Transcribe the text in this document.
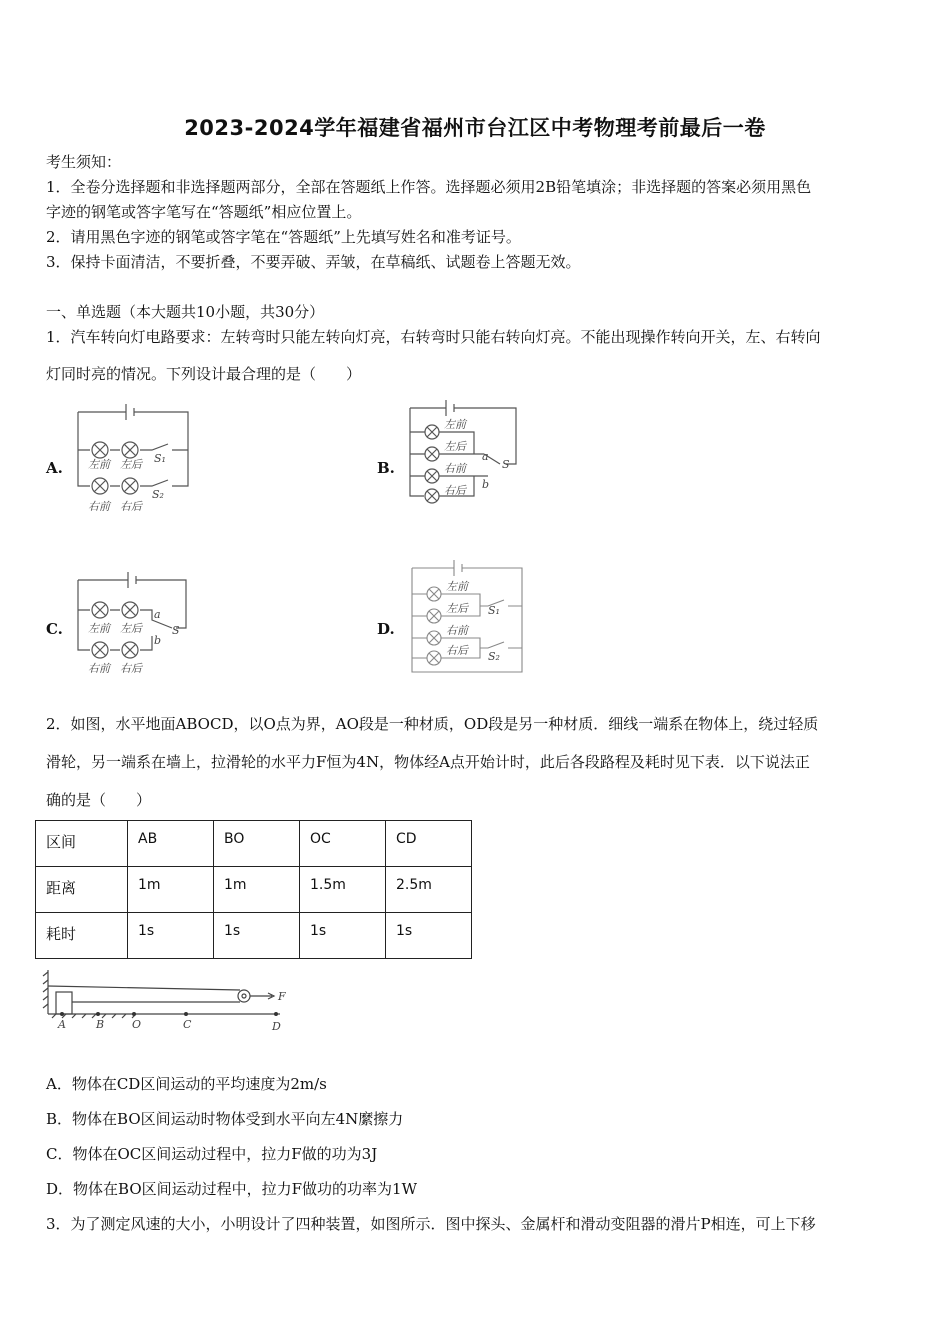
2023-2024学年福建省福州市台江区中考物理考前最后一卷
考生须知：
1．全卷分选择题和非选择题两部分，全部在答题纸上作答。选择题必须用2B铅笔填涂；非选择题的答案必须用黑色
字迹的钢笔或答字笔写在“答题纸”相应位置上。
2．请用黑色字迹的钢笔或答字笔在“答题纸”上先填写姓名和准考证号。
3．保持卡面清洁，不要折叠，不要弄破、弄皱，在草稿纸、试题卷上答题无效。
一、单选题（本大题共10小题，共30分）
1．汽车转向灯电路要求：左转弯时只能左转向灯亮，右转弯时只能右转向灯亮。不能出现操作转向开关，左、右转向
灯同时亮的情况。下列设计最合理的是（　　）
A.	B.
C.	D.
左前 左后 S₁
S₂
右前 右后
左前
左后
右前
右后
a
b
S
左前 左后
a
S
b
右前 右后
左前
左后
右前
右后
S₁
S₂
2．如图，水平地面ABOCD，以O点为界，AO段是一种材质，OD段是另一种材质．细线一端系在物体上，绕过轻质
滑轮，另一端系在墙上，拉滑轮的水平力F恒为4N，物体经A点开始计时，此后各段路程及耗时见下表．以下说法正
确的是（　　）
区间	AB	BO	OC	CD
距离	1m	1m	1.5m	2.5m
耗时	1s	1s	1s	1s
A	B	O	C	D
F
A．物体在CD区间运动的平均速度为2m/s
B．物体在BO区间运动时物体受到水平向左4N縻擦力
C．物体在OC区间运动过程中，拉力F做的功为3J
D．物体在BO区间运动过程中，拉力F做功的功率为1W
3．为了测定风速的大小，小明设计了四种装置，如图所示．图中探头、金属杆和滑动变阻器的滑片P相连，可上下移
